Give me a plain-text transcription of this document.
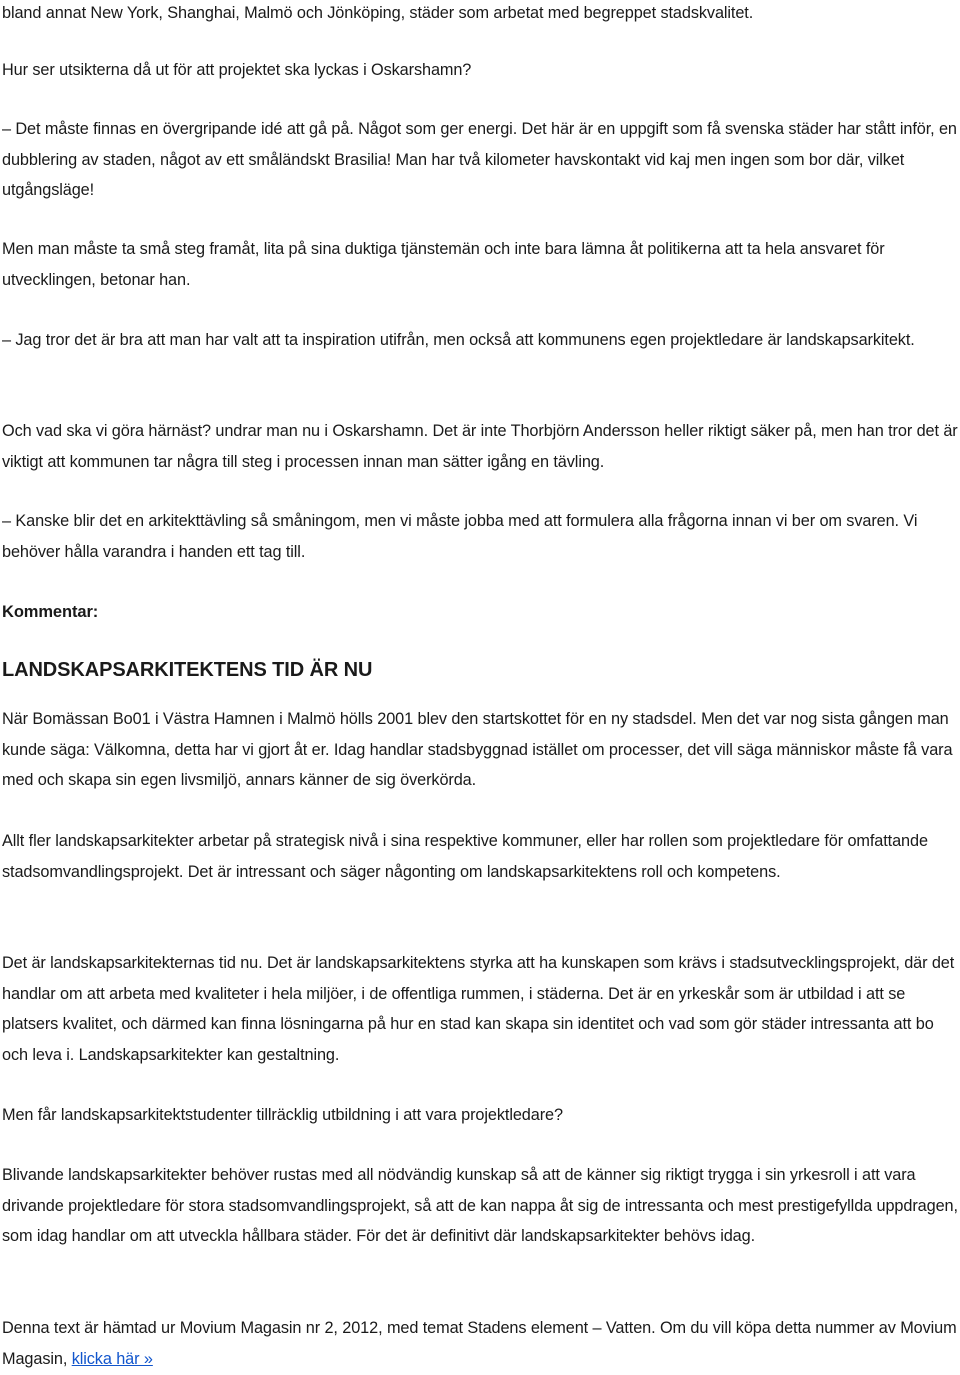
bland annat New York, Shanghai, Malmö och Jönköping, städer som arbetat med begreppet stadskvalitet.

Hur ser utsikterna då ut för att projektet ska lyckas i Oskarshamn?

– Det måste finnas en övergripande idé att gå på. Något som ger energi. Det här är en uppgift som få svenska städer har stått inför, en dubblering av staden, något av ett småländskt Brasilia! Man har två kilometer havskontakt vid kaj men ingen som bor där, vilket utgångsläge!

Men man måste ta små steg framåt, lita på sina duktiga tjänstemän och inte bara lämna åt politikerna att ta hela ansvaret för utvecklingen, betonar han.

– Jag tror det är bra att man har valt att ta inspiration utifrån, men också att kommunens egen projektledare är landskapsarkitekt.

Och vad ska vi göra härnäst? undrar man nu i Oskarshamn. Det är inte Thorbjörn Andersson heller riktigt säker på, men han tror det är viktigt att kommunen tar några till steg i processen innan man sätter igång en tävling.

– Kanske blir det en arkitekttävling så småningom, men vi måste jobba med att formulera alla frågorna innan vi ber om svaren. Vi behöver hålla varandra i handen ett tag till.

Kommentar:

LANDSKAPSARKITEKTENS TID ÄR NU

När Bomässan Bo01 i Västra Hamnen i Malmö hölls 2001 blev den startskottet för en ny stadsdel. Men det var nog sista gången man kunde säga: Välkomna, detta har vi gjort åt er. Idag handlar stadsbyggnad istället om processer, det vill säga människor måste få vara med och skapa sin egen livsmiljö, annars känner de sig överkörda.

Allt fler landskapsarkitekter arbetar på strategisk nivå i sina respektive kommuner, eller har rollen som projektledare för omfattande stadsomvandlingsprojekt. Det är intressant och säger någonting om landskapsarkitektens roll och kompetens.

Det är landskapsarkitekternas tid nu. Det är landskapsarkitektens styrka att ha kunskapen som krävs i stadsutvecklingsprojekt, där det handlar om att arbeta med kvaliteter i hela miljöer, i de offentliga rummen, i städerna. Det är en yrkeskår som är utbildad i att se platsers kvalitet, och därmed kan finna lösningarna på hur en stad kan skapa sin identitet och vad som gör städer intressanta att bo och leva i. Landskapsarkitekter kan gestaltning.

Men får landskapsarkitektstudenter tillräcklig utbildning i att vara projektledare?

Blivande landskapsarkitekter behöver rustas med all nödvändig kunskap så att de känner sig riktigt trygga i sin yrkesroll i att vara drivande projektledare för stora stadsomvandlingsprojekt, så att de kan nappa åt sig de intressanta och mest prestigefyllda uppdragen, som idag handlar om att utveckla hållbara städer. För det är definitivt där landskapsarkitekter behövs idag.

Denna text är hämtad ur Movium Magasin nr 2, 2012, med temat Stadens element – Vatten. Om du vill köpa detta nummer av Movium Magasin, klicka här »
